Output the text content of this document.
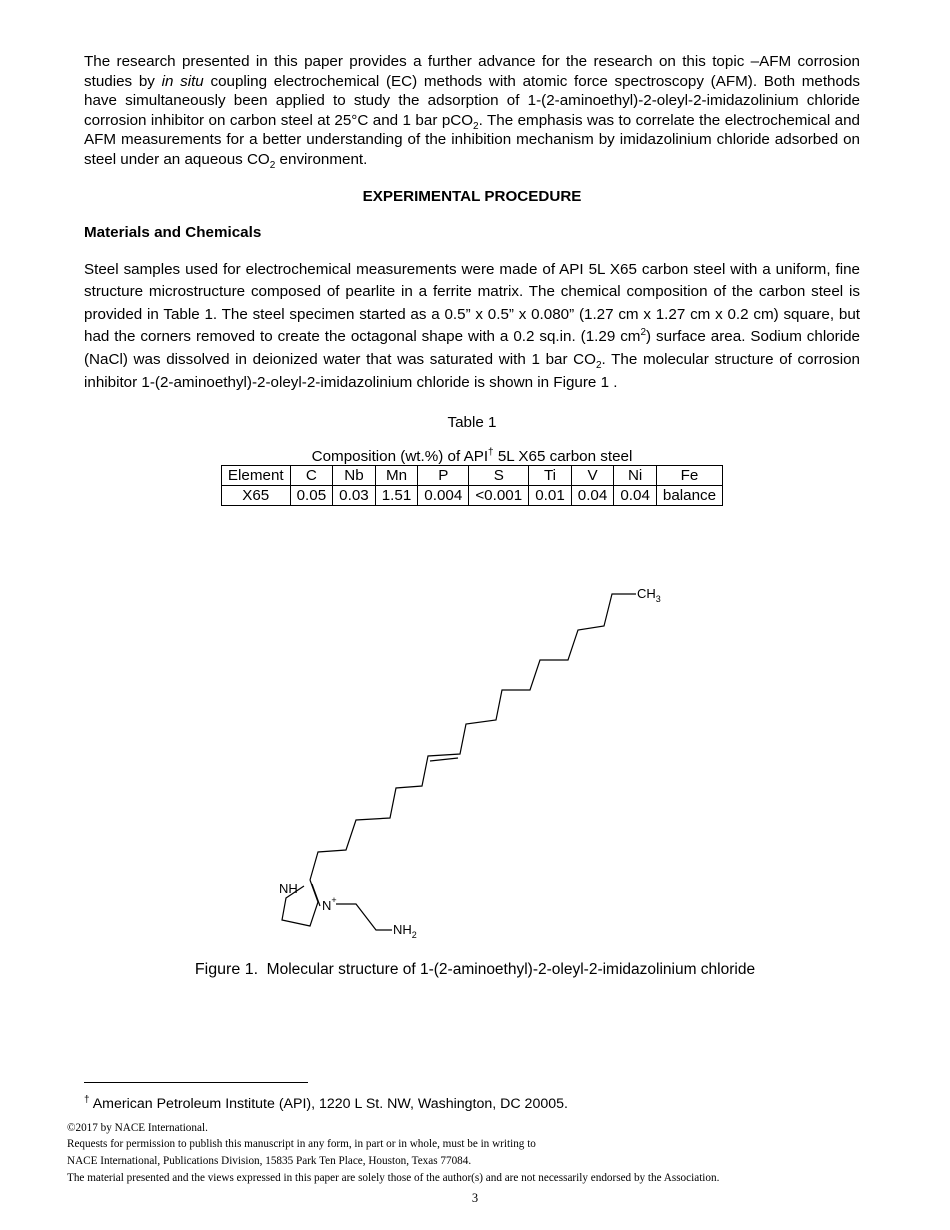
The research presented in this paper provides a further advance for the research on this topic –AFM corrosion studies by in situ coupling electrochemical (EC) methods with atomic force spectroscopy (AFM). Both methods have simultaneously been applied to study the adsorption of 1-(2-aminoethyl)-2-oleyl-2-imidazolinium chloride corrosion inhibitor on carbon steel at 25°C and 1 bar pCO$_2$. The emphasis was to correlate the electrochemical and AFM measurements for a better understanding of the inhibition mechanism by imidazolinium chloride adsorbed on steel under an aqueous $CO_2$ environment.

EXPERIMENTAL PROCEDURE

Materials and Chemicals

Steel samples used for electrochemical measurements were made of API 5L X65 carbon steel with a uniform, fine structure microstructure composed of pearlite in a ferrite matrix. The chemical composition of the carbon steel is provided in Table 1. The steel specimen started as a 0.5” x 0.5” x 0.080” (1.27 cm x 1.27 cm x 0.2 cm) square, but had the corners removed to create the octagonal shape with a 0.2 sq.in. (1.29 $cm^2$) surface area. Sodium chloride (NaCl) was dissolved in deionized water that was saturated with 1 bar $CO_2$. The molecular structure of corrosion inhibitor 1-(2-aminoethyl)-2-oleyl-2-imidazolinium chloride is shown in Figure 1 .

Table 1
Composition (wt.%) of API† 5L X65 carbon steel
Element	C	Nb	Mn	P	S	Ti	V	Ni	Fe
X65	0.05	0.03	1.51	0.004	<0.001	0.01	0.04	0.04	balance
$CH_3$
NH
N+
$NH_2$
Figure 1. Molecular structure of 1-(2-aminoethyl)-2-oleyl-2-imidazolinium chloride
† American Petroleum Institute (API), 1220 L St. NW, Washington, DC 20005.
©2017 by NACE International.
Requests for permission to publish this manuscript in any form, in part or in whole, must be in writing to
NACE International, Publications Division, 15835 Park Ten Place, Houston, Texas 77084.
The material presented and the views expressed in this paper are solely those of the author(s) and are not necessarily endorsed by the Association.
3
